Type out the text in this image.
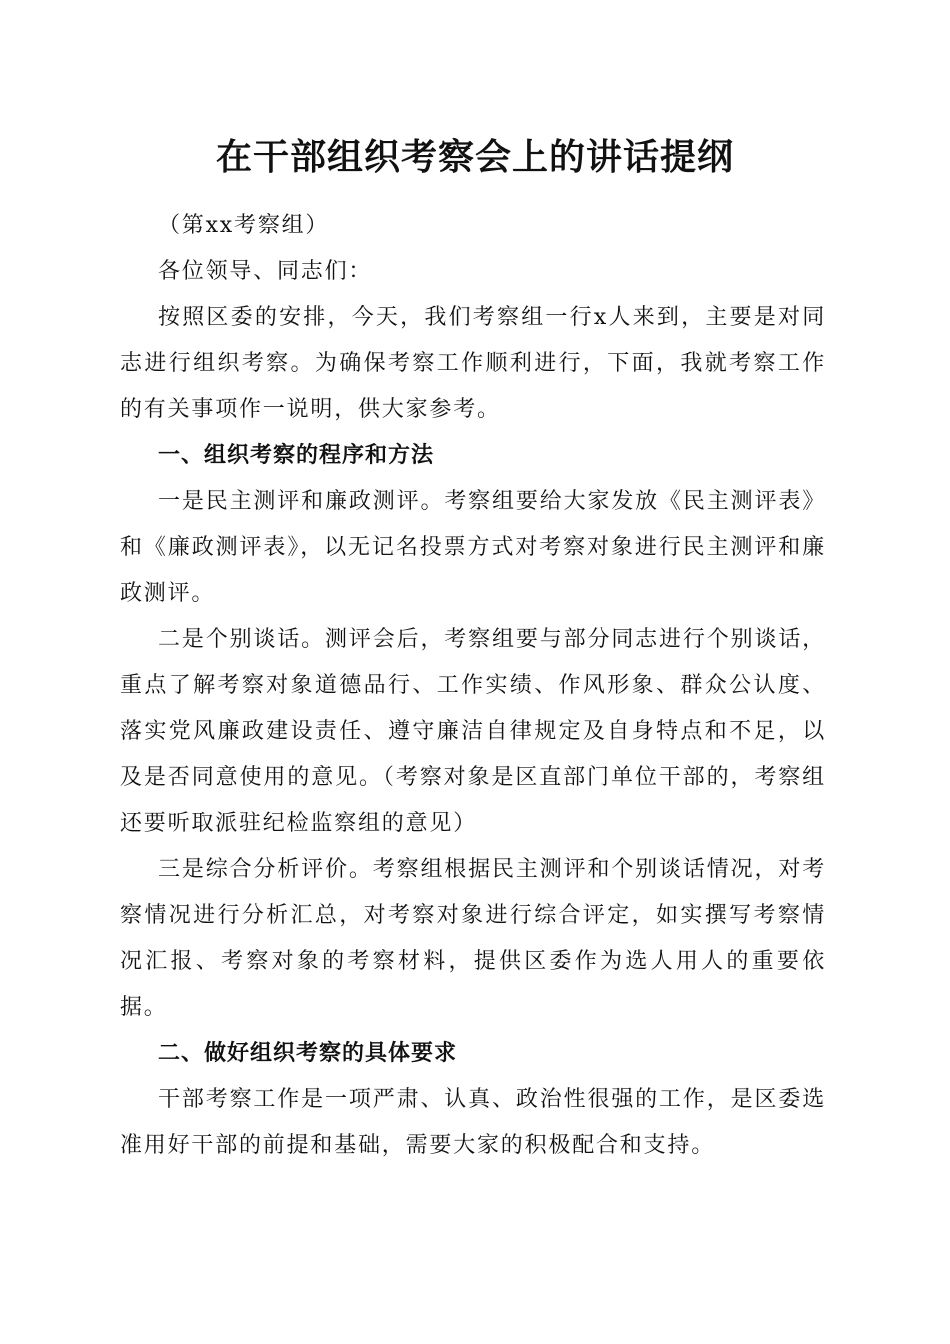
在干部组织考察会上的讲话提纲

（第xx考察组）

各位领导、同志们：

按照区委的安排，今天，我们考察组一行x人来到，主要是对同志进行组织考察。为确保考察工作顺利进行，下面，我就考察工作的有关事项作一说明，供大家参考。

一、组织考察的程序和方法

一是民主测评和廉政测评。考察组要给大家发放《民主测评表》和《廉政测评表》，以无记名投票方式对考察对象进行民主测评和廉政测评。

二是个别谈话。测评会后，考察组要与部分同志进行个别谈话，重点了解考察对象道德品行、工作实绩、作风形象、群众公认度、落实党风廉政建设责任、遵守廉洁自律规定及自身特点和不足，以及是否同意使用的意见。（考察对象是区直部门单位干部的，考察组还要听取派驻纪检监察组的意见）

三是综合分析评价。考察组根据民主测评和个别谈话情况，对考察情况进行分析汇总，对考察对象进行综合评定，如实撰写考察情况汇报、考察对象的考察材料，提供区委作为选人用人的重要依据。

二、做好组织考察的具体要求

干部考察工作是一项严肃、认真、政治性很强的工作，是区委选准用好干部的前提和基础，需要大家的积极配合和支持。
